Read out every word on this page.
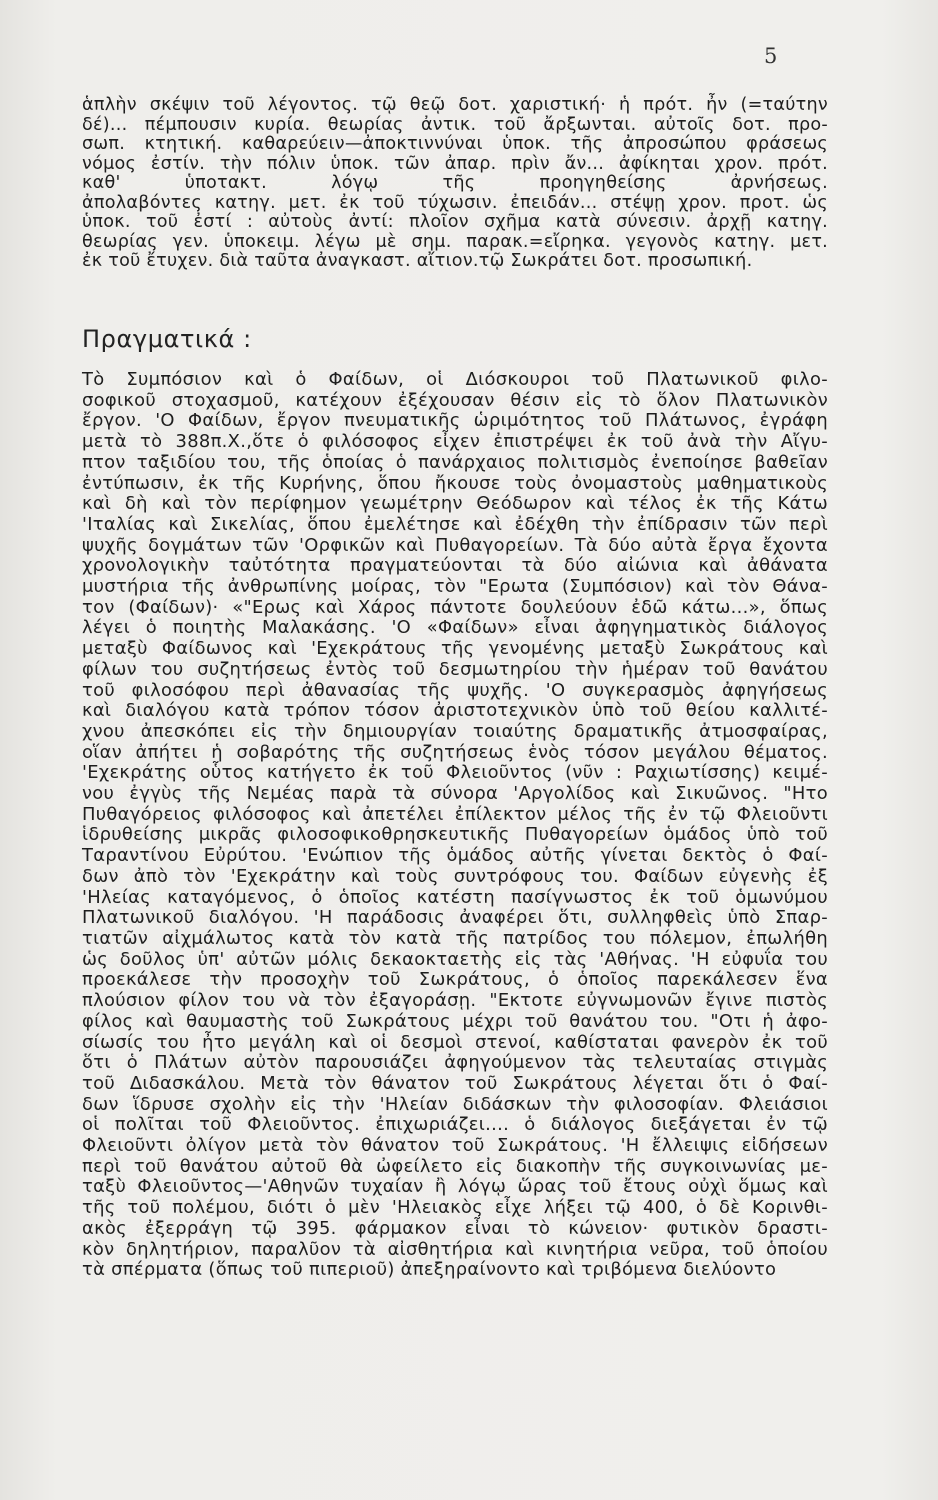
5
ἁπλὴν σκέψιν τοῦ λέγοντος. τῷ θεῷ δοτ. χαριστική· ἡ πρότ. ἦν (=ταύτην
δέ)... πέμπουσιν κυρία. θεωρίας ἀντικ. τοῦ ἄρξωνται. αὐτοῖς δοτ. προ-
σωπ. κτητική. καθαρεύειν—ἀποκτιννύναι ὑποκ. τῆς ἀπροσώπου φράσεως
νόμος ἐστίν. τὴν πόλιν ὑποκ. τῶν ἀπαρ. πρὶν ἄν... ἀφίκηται χρον. πρότ.
καθ' ὑποτακτ. λόγῳ τῆς προηγηθείσης ἀρνήσεως.
ἀπολαβόντες κατηγ. μετ. ἐκ τοῦ τύχωσιν. ἐπειδάν... στέψῃ χρον. προτ. ὡς
ὑποκ. τοῦ ἐστί : αὐτοὺς ἀντί: πλοῖον σχῆμα κατὰ σύνεσιν. ἀρχῇ κατηγ.
θεωρίας γεν. ὑποκειμ. λέγω μὲ σημ. παρακ.=εἴρηκα. γεγονὸς κατηγ. μετ.
ἐκ τοῦ ἔτυχεν. διὰ ταῦτα ἀναγκαστ. αἴτιον.τῷ Σωκράτει δοτ. προσωπική.
Πραγματικά :
Τὸ Συμπόσιον καὶ ὁ Φαίδων, οἱ Διόσκουροι τοῦ Πλατωνικοῦ φιλο-
σοφικοῦ στοχασμοῦ, κατέχουν ἐξέχουσαν θέσιν εἰς τὸ ὅλον Πλατωνικὸν
ἔργον. 'Ο Φαίδων, ἔργον πνευματικῆς ὡριμότητος τοῦ Πλάτωνος, ἐγράφη
μετὰ τὸ 388π.Χ.,ὅτε ὁ φιλόσοφος εἶχεν ἐπιστρέψει ἐκ τοῦ ἀνὰ τὴν Αἴγυ-
πτον ταξιδίου του, τῆς ὁποίας ὁ πανάρχαιος πολιτισμὸς ἐνεποίησε βαθεῖαν
ἐντύπωσιν, ἐκ τῆς Κυρήνης, ὅπου ἤκουσε τοὺς ὀνομαστοὺς μαθηματικοὺς
καὶ δὴ καὶ τὸν περίφημον γεωμέτρην Θεόδωρον καὶ τέλος ἐκ τῆς Κάτω
'Ιταλίας καὶ Σικελίας, ὅπου ἐμελέτησε καὶ ἐδέχθη τὴν ἐπίδρασιν τῶν περὶ
ψυχῆς δογμάτων τῶν 'Ορφικῶν καὶ Πυθαγορείων. Τὰ δύο αὐτὰ ἔργα ἔχοντα
χρονολογικὴν ταὐτότητα πραγματεύονται τὰ δύο αἰώνια καὶ ἀθάνατα
μυστήρια τῆς ἀνθρωπίνης μοίρας, τὸν "Ερωτα (Συμπόσιον) καὶ τὸν Θάνα-
τον (Φαίδων)· «"Ερως καὶ Χάρος πάντοτε δουλεύουν ἐδῶ κάτω...», ὅπως
λέγει ὁ ποιητὴς Μαλακάσης. 'Ο «Φαίδων» εἶναι ἀφηγηματικὸς διάλογος
μεταξὺ Φαίδωνος καὶ 'Εχεκράτους τῆς γενομένης μεταξὺ Σωκράτους καὶ
φίλων του συζητήσεως ἐντὸς τοῦ δεσμωτηρίου τὴν ἡμέραν τοῦ θανάτου
τοῦ φιλοσόφου περὶ ἀθανασίας τῆς ψυχῆς. 'Ο συγκερασμὸς ἀφηγήσεως
καὶ διαλόγου κατὰ τρόπον τόσον ἀριστοτεχνικὸν ὑπὸ τοῦ θείου καλλιτέ-
χνου ἀπεσκόπει εἰς τὴν δημιουργίαν τοιαύτης δραματικῆς ἀτμοσφαίρας,
οἵαν ἀπήτει ἡ σοβαρότης τῆς συζητήσεως ἑνὸς τόσον μεγάλου θέματος.
'Εχεκράτης οὗτος κατήγετο ἐκ τοῦ Φλειοῦντος (νῦν : Ραχιωτίσσης) κειμέ-
νου ἐγγὺς τῆς Νεμέας παρὰ τὰ σύνορα 'Αργολίδος καὶ Σικυῶνος. "Ητο
Πυθαγόρειος φιλόσοφος καὶ ἀπετέλει ἐπίλεκτον μέλος τῆς ἐν τῷ Φλειοῦντι
ἱδρυθείσης μικρᾶς φιλοσοφικοθρησκευτικῆς Πυθαγορείων ὁμάδος ὑπὸ τοῦ
Ταραντίνου Εὐρύτου. 'Ενώπιον τῆς ὁμάδος αὐτῆς γίνεται δεκτὸς ὁ Φαί-
δων ἀπὸ τὸν 'Εχεκράτην καὶ τοὺς συντρόφους του. Φαίδων εὐγενὴς ἐξ
'Ηλείας καταγόμενος, ὁ ὁποῖος κατέστη πασίγνωστος ἐκ τοῦ ὁμωνύμου
Πλατωνικοῦ διαλόγου. 'Η παράδοσις ἀναφέρει ὅτι, συλληφθεὶς ὑπὸ Σπαρ-
τιατῶν αἰχμάλωτος κατὰ τὸν κατὰ τῆς πατρίδος του πόλεμον, ἐπωλήθη
ὡς δοῦλος ὑπ' αὐτῶν μόλις δεκαοκταετὴς εἰς τὰς 'Αθήνας. 'Η εὐφυΐα του
προεκάλεσε τὴν προσοχὴν τοῦ Σωκράτους, ὁ ὁποῖος παρεκάλεσεν ἕνα
πλούσιον φίλον του νὰ τὸν ἐξαγοράσῃ. "Εκτοτε εὐγνωμονῶν ἔγινε πιστὸς
φίλος καὶ θαυμαστὴς τοῦ Σωκράτους μέχρι τοῦ θανάτου του. "Οτι ἡ ἀφο-
σίωσίς του ἦτο μεγάλη καὶ οἱ δεσμοὶ στενοί, καθίσταται φανερὸν ἐκ τοῦ
ὅτι ὁ Πλάτων αὐτὸν παρουσιάζει ἀφηγούμενον τὰς τελευταίας στιγμὰς
τοῦ Διδασκάλου. Μετὰ τὸν θάνατον τοῦ Σωκράτους λέγεται ὅτι ὁ Φαί-
δων ἵδρυσε σχολὴν εἰς τὴν 'Ηλείαν διδάσκων τὴν φιλοσοφίαν. Φλειάσιοι
οἱ πολῖται τοῦ Φλειοῦντος. ἐπιχωριάζει.... ὁ διάλογος διεξάγεται ἐν τῷ
Φλειοῦντι ὀλίγον μετὰ τὸν θάνατον τοῦ Σωκράτους. 'Η ἔλλειψις εἰδήσεων
περὶ τοῦ θανάτου αὐτοῦ θὰ ὠφείλετο εἰς διακοπὴν τῆς συγκοινωνίας με-
ταξὺ Φλειοῦντος—'Αθηνῶν τυχαίαν ἢ λόγῳ ὥρας τοῦ ἔτους οὐχὶ ὅμως καὶ
τῆς τοῦ πολέμου, διότι ὁ μὲν 'Ηλειακὸς εἶχε λήξει τῷ 400, ὁ δὲ Κορινθι-
ακὸς ἐξερράγη τῷ 395. φάρμακον εἶναι τὸ κώνειον· φυτικὸν δραστι-
κὸν δηλητήριον, παραλῦον τὰ αἰσθητήρια καὶ κινητήρια νεῦρα, τοῦ ὁποίου
τὰ σπέρματα (ὅπως τοῦ πιπεριοῦ) ἀπεξηραίνοντο καὶ τριβόμενα διελύοντο
